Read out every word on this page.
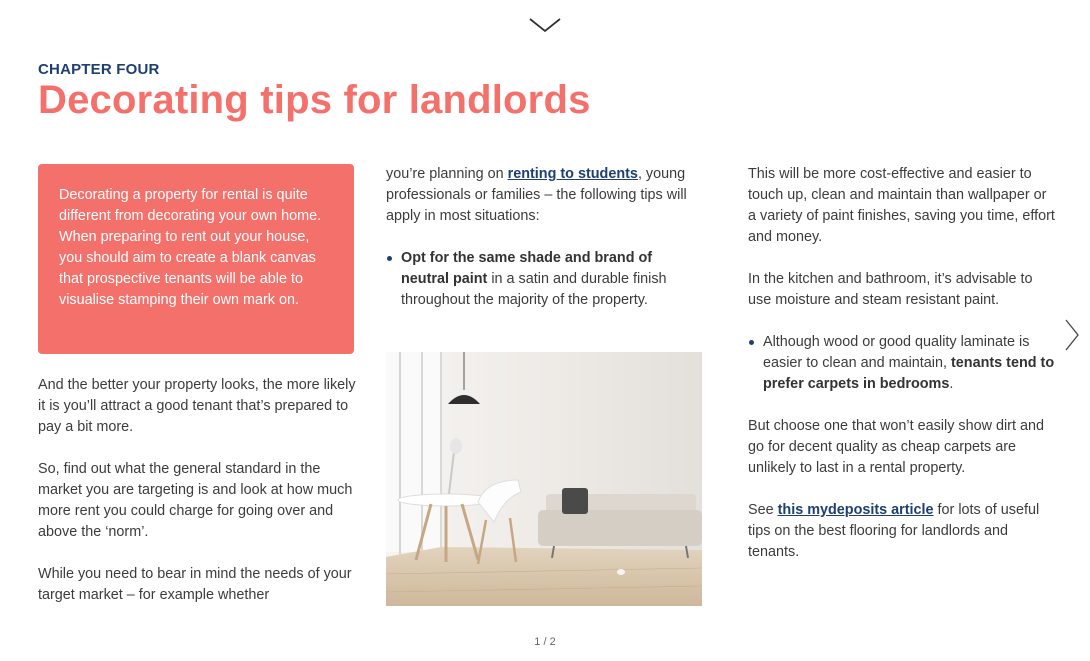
CHAPTER FOUR
Decorating tips for landlords
Decorating a property for rental is quite different from decorating your own home. When preparing to rent out your house, you should aim to create a blank canvas that prospective tenants will be able to visualise stamping their own mark on.

And the better your property looks, the more likely it is you’ll attract a good tenant that’s prepared to pay a bit more.

So, find out what the general standard in the market you are targeting is and look at how much more rent you could charge for going over and above the ‘norm’.

While you need to bear in mind the needs of your target market – for example whether

you’re planning on renting to students, young professionals or families – the following tips will apply in most situations:

Opt for the same shade and brand of neutral paint in a satin and durable finish throughout the majority of the property.

This will be more cost-effective and easier to touch up, clean and maintain than wallpaper or a variety of paint finishes, saving you time, effort and money.

In the kitchen and bathroom, it’s advisable to use moisture and steam resistant paint.

Although wood or good quality laminate is easier to clean and maintain, tenants tend to prefer carpets in bedrooms.

But choose one that won’t easily show dirt and go for decent quality as cheap carpets are unlikely to last in a rental property.

See this mydeposits article for lots of useful tips on the best flooring for landlords and tenants.

1 / 2
